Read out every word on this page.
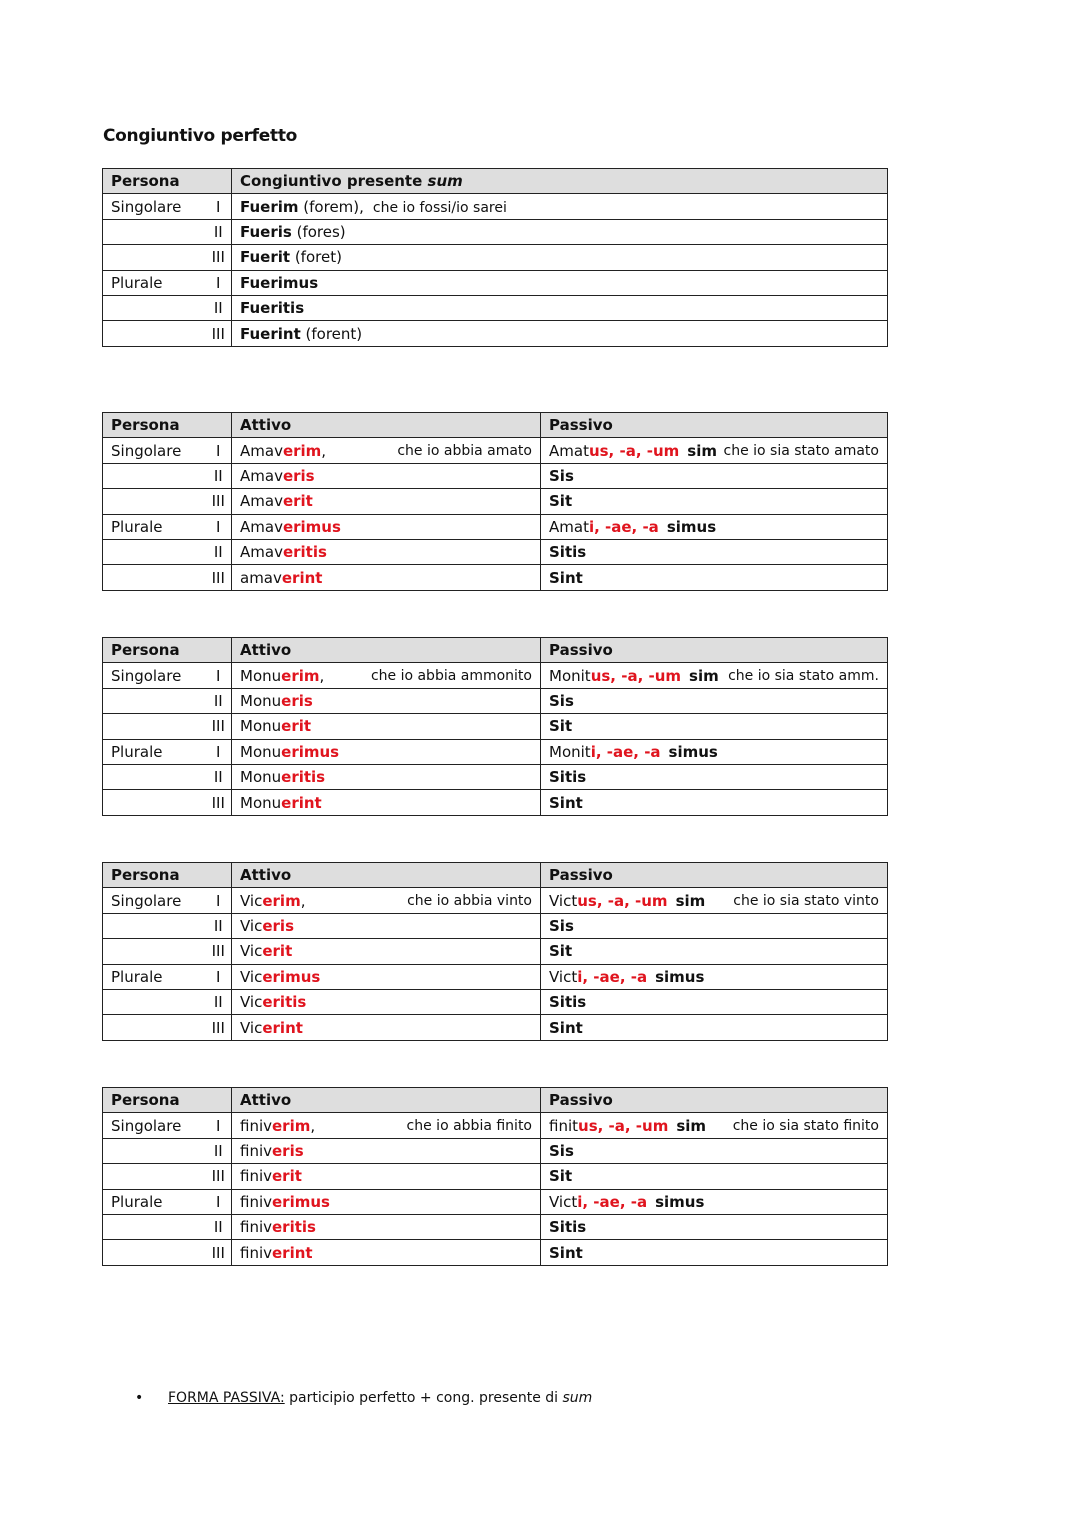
Congiuntivo perfetto
Persona		Congiuntivo presente sum
Singolare	I	Fuerim (forem), che io fossi/io sarei
	II	Fueris (fores)
	III	Fuerit (foret)
Plurale	I	Fuerimus
	II	Fueritis
	III	Fuerint (forent)
Persona		Attivo	Passivo
Singolare	I	Amaverim, che io abbia amato	Amatus, -a, -um sim che io sia stato amato

	II	Amaveris	Sis

	III	Amaverit	Sit

Plurale	I	Amaverimus	Amati, -ae, -a simus

	II	Amaveritis	Sitis

	III	amaverint	Sint
Persona		Attivo	Passivo
Singolare	I	Monuerim, che io abbia ammonito	Monitus, -a, -um sim che io sia stato amm.

	II	Monueris	Sis

	III	Monuerit	Sit

Plurale	I	Monuerimus	Moniti, -ae, -a simus

	II	Monueritis	Sitis

	III	Monuerint	Sint
Persona		Attivo	Passivo
Singolare	I	Vicerim, che io abbia vinto	Victus, -a, -um sim che io sia stato vinto

	II	Viceris	Sis

	III	Vicerit	Sit

Plurale	I	Vicerimus	Victi, -ae, -a simus

	II	Viceritis	Sitis

	III	Vicerint	Sint
Persona		Attivo	Passivo
Singolare	I	finiverim, che io abbia finito	finitus, -a, -um sim che io sia stato finito

	II	finiveris	Sis

	III	finiverit	Sit

Plurale	I	finiverimus	Victi, -ae, -a simus

	II	finiveritis	Sitis

	III	finiverint	Sint
• FORMA PASSIVA: participio perfetto + cong. presente di sum
